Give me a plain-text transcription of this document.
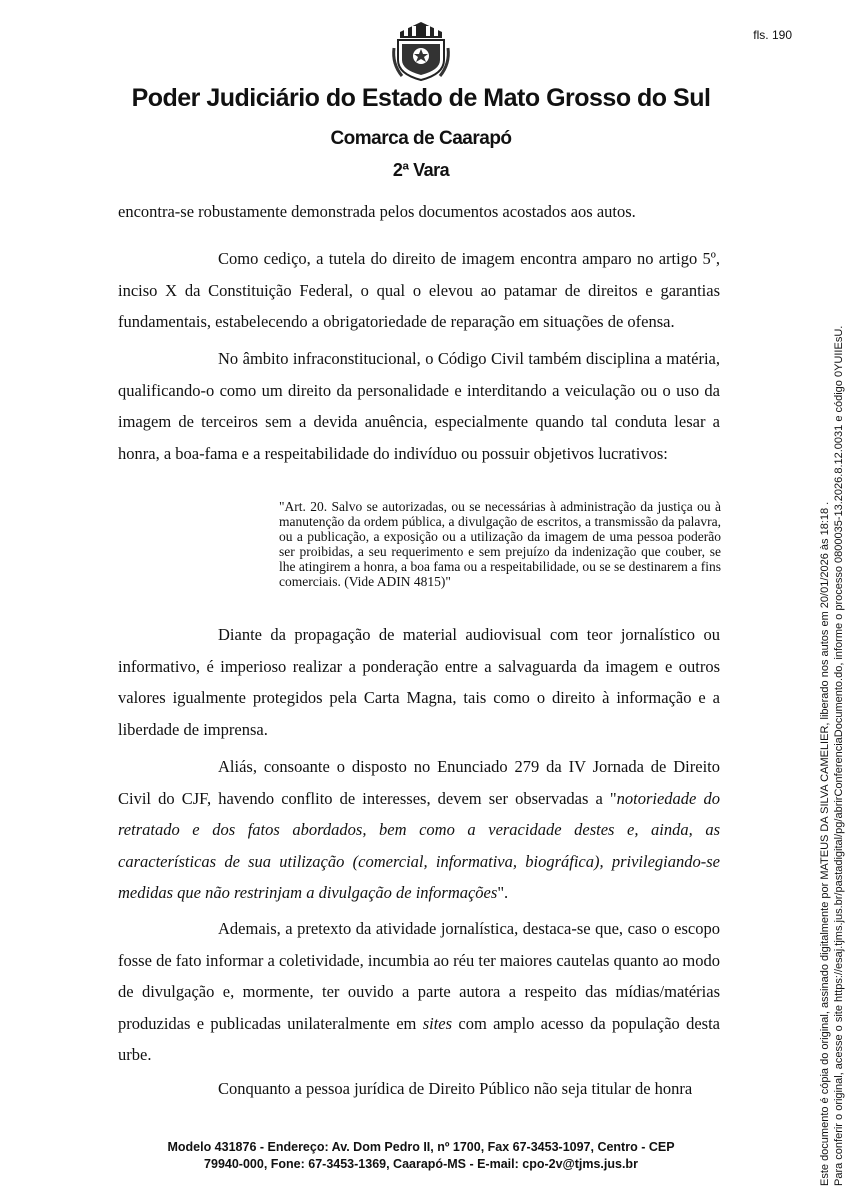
fls. 190
Poder Judiciário do Estado de Mato Grosso do Sul
Comarca de Caarapó
2ª Vara

encontra-se robustamente demonstrada pelos documentos acostados aos autos.

Como cediço, a tutela do direito de imagem encontra amparo no artigo 5º, inciso X da Constituição Federal, o qual o elevou ao patamar de direitos e garantias fundamentais, estabelecendo a obrigatoriedade de reparação em situações de ofensa.

No âmbito infraconstitucional, o Código Civil também disciplina a matéria, qualificando-o como um direito da personalidade e interditando a veiculação ou o uso da imagem de terceiros sem a devida anuência, especialmente quando tal conduta lesar a honra, a boa-fama e a respeitabilidade do indivíduo ou possuir objetivos lucrativos:

"Art. 20. Salvo se autorizadas, ou se necessárias à administração da justiça ou à manutenção da ordem pública, a divulgação de escritos, a transmissão da palavra, ou a publicação, a exposição ou a utilização da imagem de uma pessoa poderão ser proibidas, a seu requerimento e sem prejuízo da indenização que couber, se lhe atingirem a honra, a boa fama ou a respeitabilidade, ou se se destinarem a fins comerciais. (Vide ADIN 4815)"

Diante da propagação de material audiovisual com teor jornalístico ou informativo, é imperioso realizar a ponderação entre a salvaguarda da imagem e outros valores igualmente protegidos pela Carta Magna, tais como o direito à informação e a liberdade de imprensa.

Aliás, consoante o disposto no Enunciado 279 da IV Jornada de Direito Civil do CJF, havendo conflito de interesses, devem ser observadas a "notoriedade do retratado e dos fatos abordados, bem como a veracidade destes e, ainda, as características de sua utilização (comercial, informativa, biográfica), privilegiando-se medidas que não restrinjam a divulgação de informações".

Ademais, a pretexto da atividade jornalística, destaca-se que, caso o escopo fosse de fato informar a coletividade, incumbia ao réu ter maiores cautelas quanto ao modo de divulgação e, mormente, ter ouvido a parte autora a respeito das mídias/matérias produzidas e publicadas unilateralmente em sites com amplo acesso da população desta urbe.

Conquanto a pessoa jurídica de Direito Público não seja titular de honra

Modelo 431876 - Endereço: Av. Dom Pedro II, nº 1700, Fax 67-3453-1097, Centro - CEP
79940-000, Fone: 67-3453-1369, Caarapó-MS - E-mail: cpo-2v@tjms.jus.br	Este documento é cópia do original, assinado digitalmente por MATEUS DA SILVA CAMELIER, liberado nos autos em 20/01/2026 às 18:18 . Para conferir o original, acesse o site https://esaj.tjms.jus.br/pastadigital/pg/abrirConferenciaDocumento.do, informe o processo 0800035-13.2026.8.12.0031 e código 0YUIIEsU.
